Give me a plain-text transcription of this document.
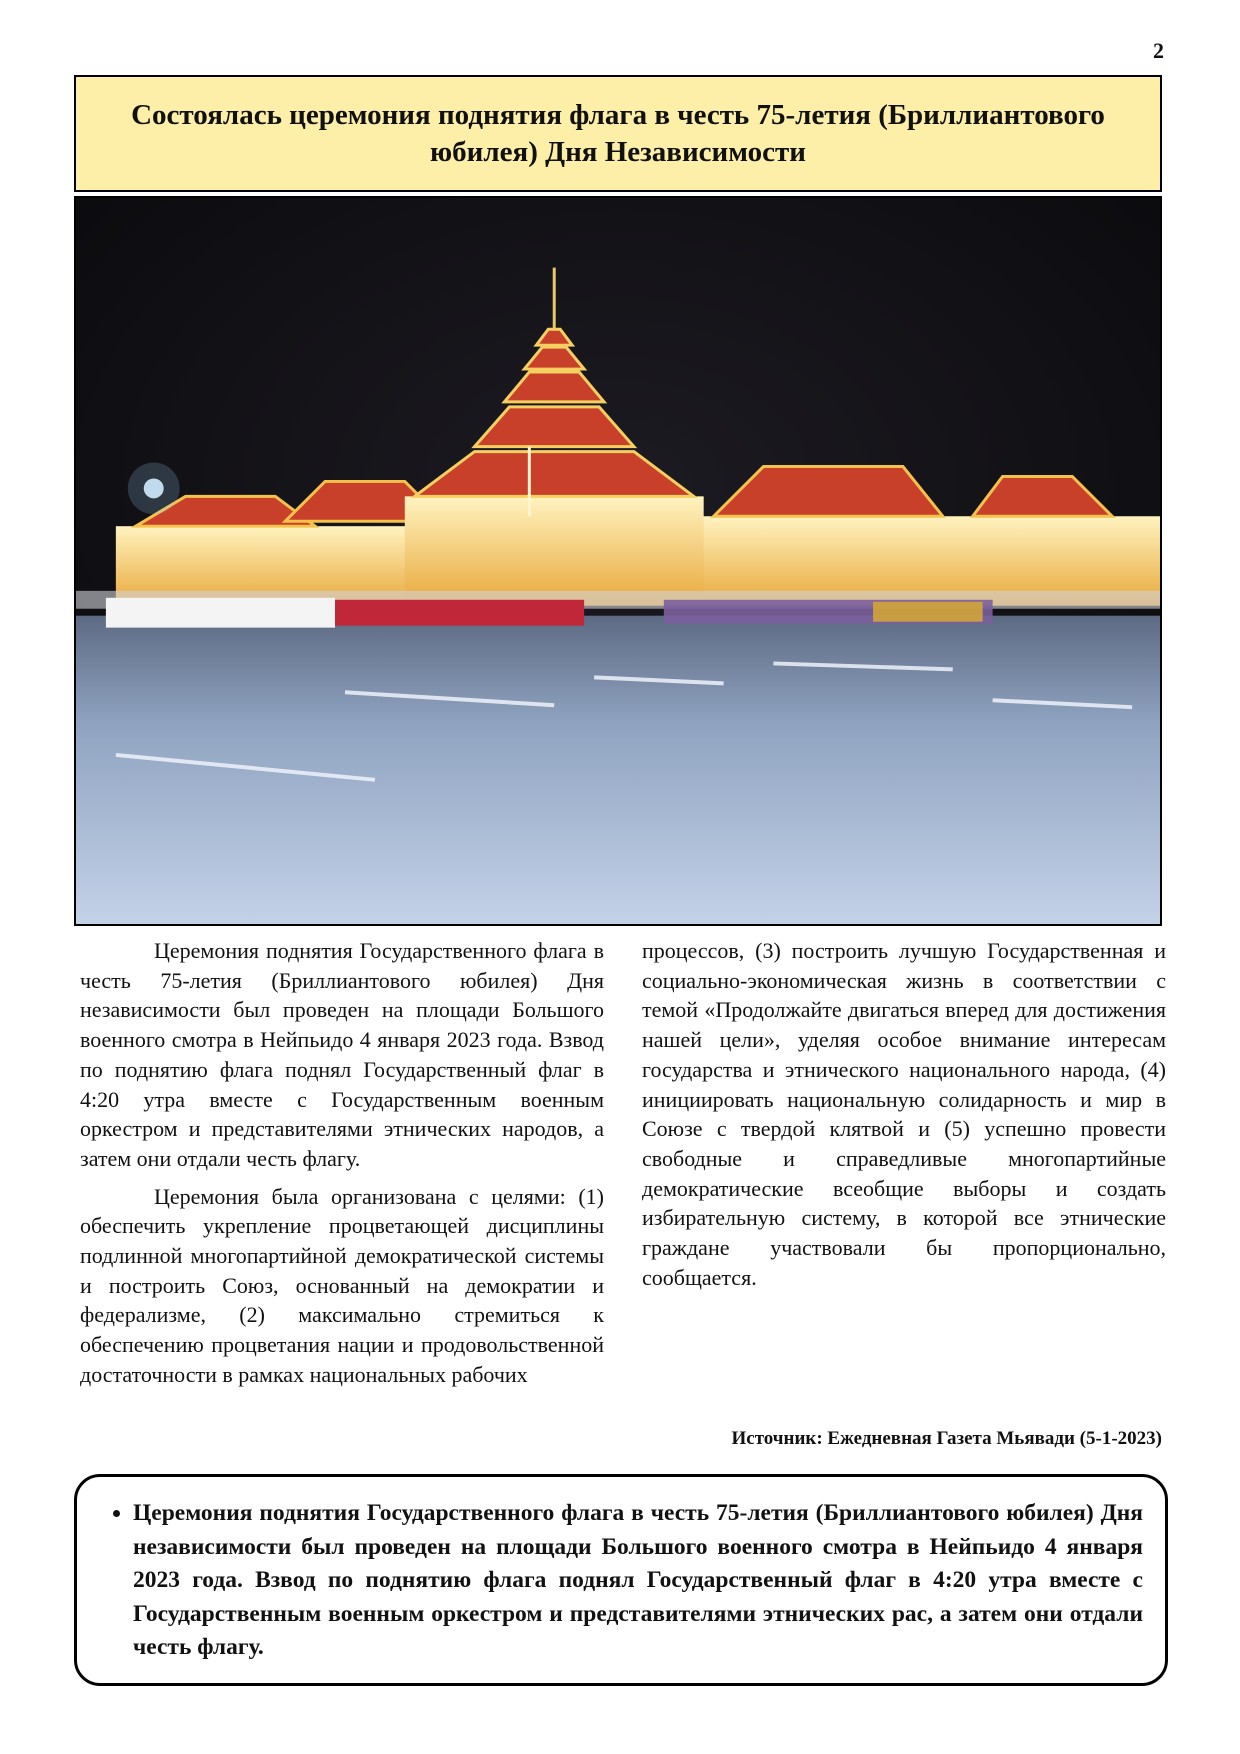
2
Состоялась церемония поднятия флага в честь 75-летия (Бриллиантового юбилея) Дня Независимости

Церемония поднятия Государственного флага в честь 75-летия (Бриллиантового юбилея) Дня независимости был проведен на площади Большого военного смотра в Нейпьидо 4 января 2023 года. Взвод по поднятию флага поднял Государственный флаг в 4:20 утра вместе с Государственным военным оркестром и представителями этнических народов, а затем они отдали честь флагу.

Церемония была организована с целями: (1) обеспечить укрепление процветающей дисциплины подлинной многопартийной демократической системы и построить Союз, основанный на демократии и федерализме, (2) максимально стремиться к обеспечению процветания нации и продовольственной достаточности в рамках национальных рабочих

процессов, (3) построить лучшую Государственная и социально-экономическая жизнь в соответствии с темой «Продолжайте двигаться вперед для достижения нашей цели», уделяя особое внимание интересам государства и этнического национального народа, (4) инициировать национальную солидарность и мир в Союзе с твердой клятвой и (5) успешно провести свободные и справедливые многопартийные демократические всеобщие выборы и создать избирательную систему, в которой все этнические граждане участвовали бы пропорционально, сообщается.

Источник: Ежедневная Газета Мьявади (5-1-2023)
• Церемония поднятия Государственного флага в честь 75-летия (Бриллиантового юбилея) Дня независимости был проведен на площади Большого военного смотра в Нейпьидо 4 января 2023 года. Взвод по поднятию флага поднял Государственный флаг в 4:20 утра вместе с Государственным военным оркестром и представителями этнических рас, а затем они отдали честь флагу.
